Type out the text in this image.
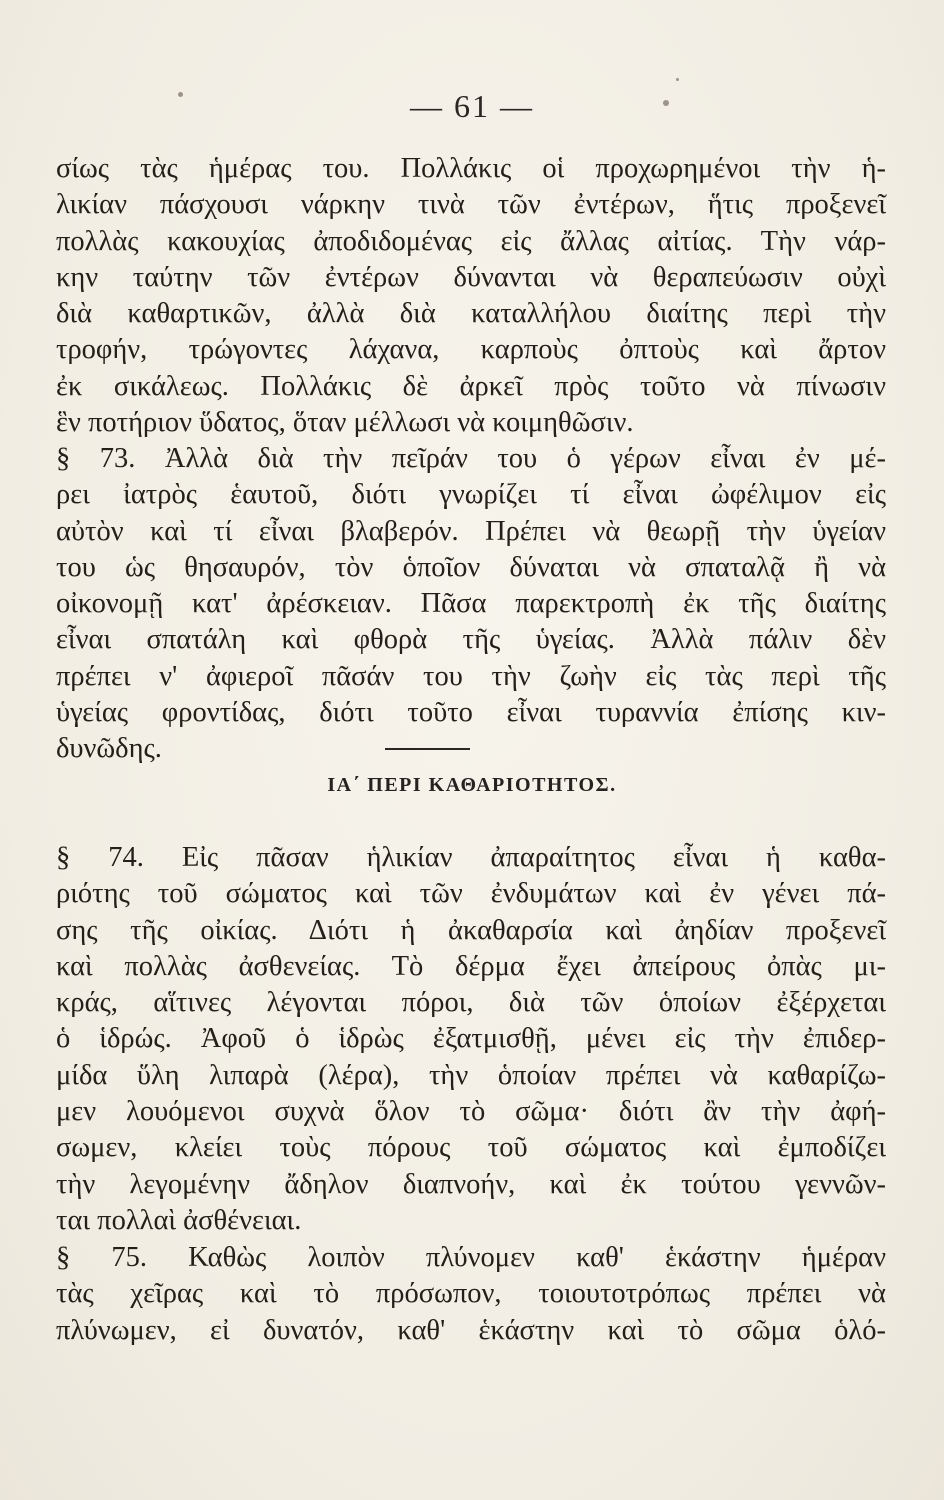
— 61 —
σίως τὰς ἡμέρας του. Πολλάκις οἱ προχωρημένοι τὴν ἡ-
λικίαν πάσχουσι νάρκην τινὰ τῶν ἐντέρων, ἥτις προξενεῖ
πολλὰς κακουχίας ἀποδιδομένας εἰς ἄλλας αἰτίας. Τὴν νάρ-
κην ταύτην τῶν ἐντέρων δύνανται νὰ θεραπεύωσιν οὐχὶ
διὰ καθαρτικῶν, ἀλλὰ διὰ καταλλήλου διαίτης περὶ τὴν
τροφήν, τρώγοντες λάχανα, καρποὺς ὀπτοὺς καὶ ἄρτον
ἐκ σικάλεως. Πολλάκις δὲ ἀρκεῖ πρὸς τοῦτο νὰ πίνωσιν
ἓν ποτήριον ὕδατος, ὅταν μέλλωσι νὰ κοιμηθῶσιν.
§ 73. Ἀλλὰ διὰ τὴν πεῖράν του ὁ γέρων εἶναι ἐν μέ-
ρει ἰατρὸς ἑαυτοῦ, διότι γνωρίζει τί εἶναι ὠφέλιμον εἰς
αὐτὸν καὶ τί εἶναι βλαβερόν. Πρέπει νὰ θεωρῇ τὴν ὑγείαν
του ὡς θησαυρόν, τὸν ὁποῖον δύναται νὰ σπαταλᾷ ἢ νὰ
οἰκονομῇ κατ' ἀρέσκειαν. Πᾶσα παρεκτροπὴ ἐκ τῆς διαίτης
εἶναι σπατάλη καὶ φθορὰ τῆς ὑγείας. Ἀλλὰ πάλιν δὲν
πρέπει ν' ἀφιεροῖ πᾶσάν του τὴν ζωὴν εἰς τὰς περὶ τῆς
ὑγείας φροντίδας, διότι τοῦτο εἶναι τυραννία ἐπίσης κιν-
δυνῶδης.
ΙΑ΄ ΠΕΡΙ ΚΑΘΑΡΙΟΤΗΤΟΣ.
§ 74. Εἰς πᾶσαν ἡλικίαν ἀπαραίτητος εἶναι ἡ καθα-
ριότης τοῦ σώματος καὶ τῶν ἐνδυμάτων καὶ ἐν γένει πά-
σης τῆς οἰκίας. Διότι ἡ ἀκαθαρσία καὶ ἀηδίαν προξενεῖ
καὶ πολλὰς ἀσθενείας. Τὸ δέρμα ἔχει ἀπείρους ὀπὰς μι-
κράς, αἵτινες λέγονται πόροι, διὰ τῶν ὁποίων ἐξέρχεται
ὁ ἱδρώς. Ἀφοῦ ὁ ἱδρὼς ἐξατμισθῇ, μένει εἰς τὴν ἐπιδερ-
μίδα ὕλη λιπαρὰ (λέρα), τὴν ὁποίαν πρέπει νὰ καθαρίζω-
μεν λουόμενοι συχνὰ ὅλον τὸ σῶμα· διότι ἂν τὴν ἀφή-
σωμεν, κλείει τοὺς πόρους τοῦ σώματος καὶ ἐμποδίζει
τὴν λεγομένην ἄδηλον διαπνοήν, καὶ ἐκ τούτου γεννῶν-
ται πολλαὶ ἀσθένειαι.
§ 75. Καθὼς λοιπὸν πλύνομεν καθ' ἑκάστην ἡμέραν
τὰς χεῖρας καὶ τὸ πρόσωπον, τοιουτοτρόπως πρέπει νὰ
πλύνωμεν, εἰ δυνατόν, καθ' ἑκάστην καὶ τὸ σῶμα ὁλό-
